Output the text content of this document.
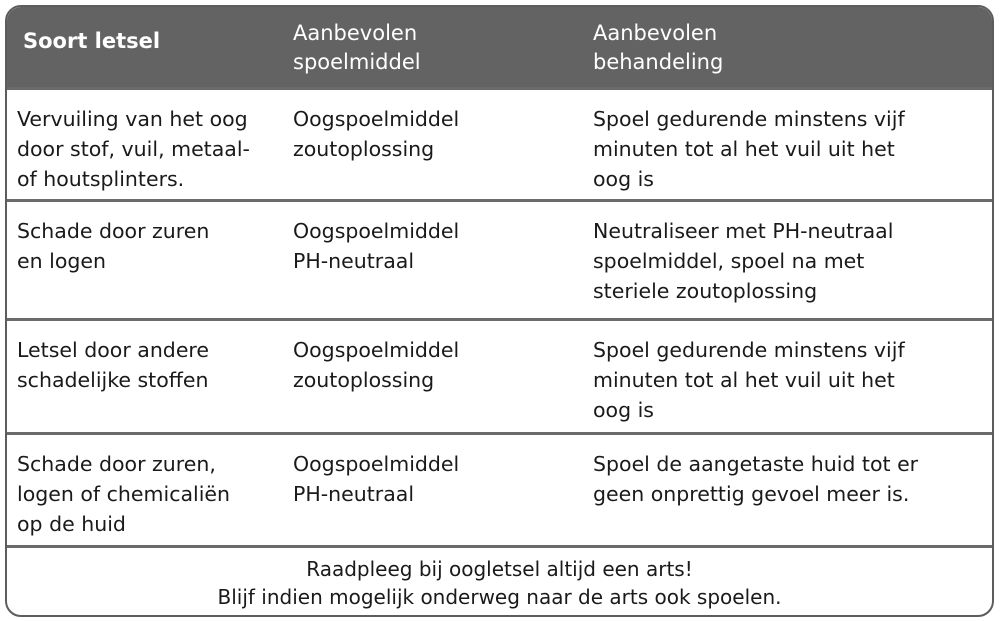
Soort letsel	Aanbevolen
spoelmiddel
Aanbevolen
behandeling
Vervuiling van het oog
door stof, vuil, metaal-
of houtsplinters.
Oogspoelmiddel
zoutoplossing
Spoel gedurende minstens vijf
minuten tot al het vuil uit het
oog is
Schade door zuren
en logen
Oogspoelmiddel
PH-neutraal
Neutraliseer met PH-neutraal
spoelmiddel, spoel na met
steriele zoutoplossing
Letsel door andere
schadelijke stoffen
Oogspoelmiddel
zoutoplossing
Spoel gedurende minstens vijf
minuten tot al het vuil uit het
oog is
Schade door zuren,
logen of chemicaliën
op de huid
Oogspoelmiddel
PH-neutraal
Spoel de aangetaste huid tot er
geen onprettig gevoel meer is.
Raadpleeg bij oogletsel altijd een arts!
Blijf indien mogelijk onderweg naar de arts ook spoelen.
